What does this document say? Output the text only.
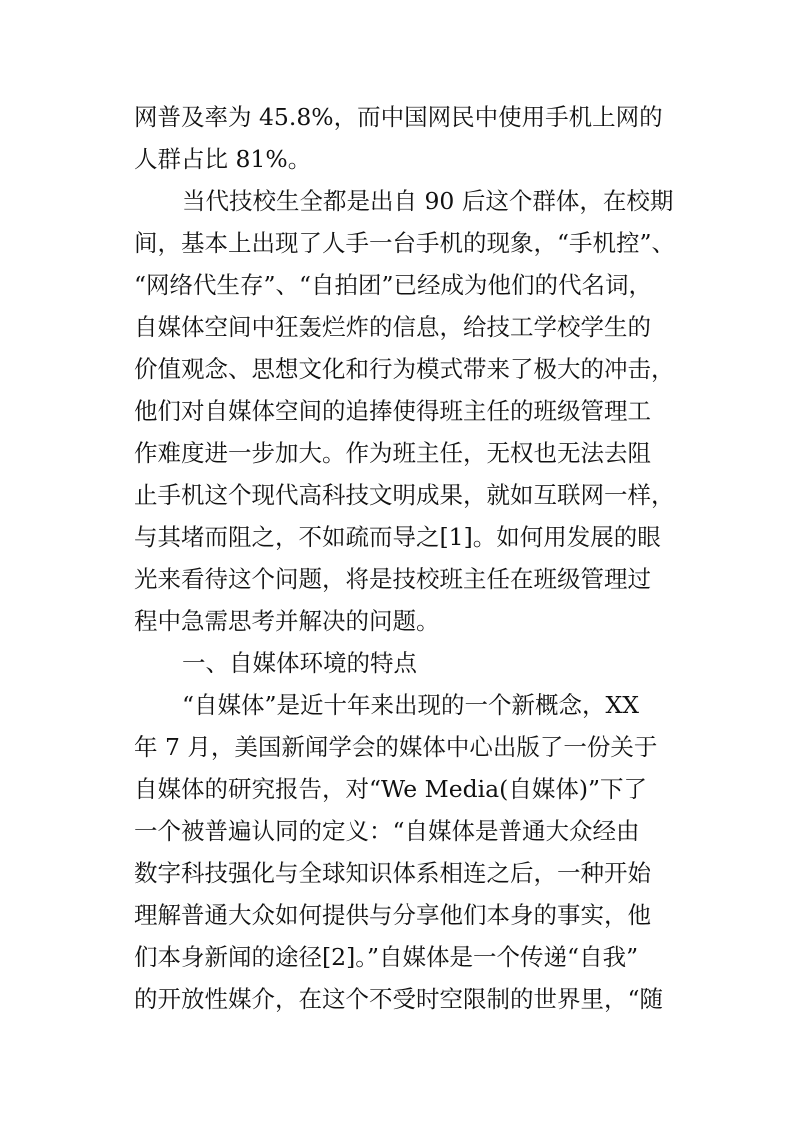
网普及率为 45.8%，而中国网民中使用手机上网的
人群占比 81%。
当代技校生全都是出自 90 后这个群体，在校期
间，基本上出现了人手一台手机的现象，“手机控”、
“网络代生存”、“自拍团”已经成为他们的代名词，
自媒体空间中狂轰烂炸的信息，给技工学校学生的
价值观念、思想文化和行为模式带来了极大的冲击，
他们对自媒体空间的追捧使得班主任的班级管理工
作难度进一步加大。作为班主任，无权也无法去阻
止手机这个现代高科技文明成果，就如互联网一样，
与其堵而阻之，不如疏而导之[1]。如何用发展的眼
光来看待这个问题，将是技校班主任在班级管理过
程中急需思考并解决的问题。
一、自媒体环境的特点
“自媒体”是近十年来出现的一个新概念，XX
年 7 月，美国新闻学会的媒体中心出版了一份关于
自媒体的研究报告，对“We Media(自媒体)”下了
一个被普遍认同的定义：“自媒体是普通大众经由
数字科技强化与全球知识体系相连之后，一种开始
理解普通大众如何提供与分享他们本身的事实，他
们本身新闻的途径[2]。”自媒体是一个传递“自我”
的开放性媒介，在这个不受时空限制的世界里，“随
